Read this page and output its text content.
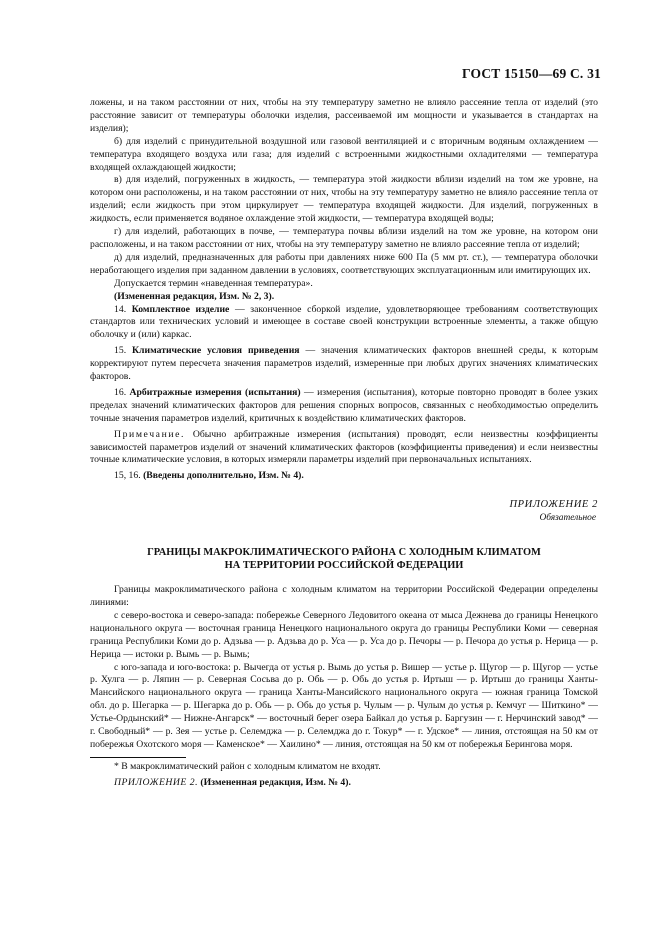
ГОСТ 15150—69 С. 31

ложены, и на таком расстоянии от них, чтобы на эту температуру заметно не влияло рассеяние тепла от изделий (это расстояние зависит от температуры оболочки изделия, рассеиваемой им мощности и указывается в стандартах на изделия);

б) для изделий с принудительной воздушной или газовой вентиляцией и с вторичным водяным охлаждением — температура входящего воздуха или газа; для изделий с встроенными жидкостными охладителями — температура входящей охлаждающей жидкости;

в) для изделий, погруженных в жидкость, — температура этой жидкости вблизи изделий на том же уровне, на котором они расположены, и на таком расстоянии от них, чтобы на эту температуру заметно не влияло рассеяние тепла от изделий; если жидкость при этом циркулирует — температура входящей жидкости. Для изделий, погруженных в жидкость, если применяется водяное охлаждение этой жидкости, — температура входящей воды;

г) для изделий, работающих в почве, — температура почвы вблизи изделий на том же уровне, на котором они расположены, и на таком расстоянии от них, чтобы на эту температуру заметно не влияло рассеяние тепла от изделий;

д) для изделий, предназначенных для работы при давлениях ниже 600 Па (5 мм рт. ст.), — температура оболочки неработающего изделия при заданном давлении в условиях, соответствующих эксплуатационным или имитирующих их.

Допускается термин «наведенная температура».

(Измененная редакция, Изм. № 2, 3).

14. Комплектное изделие — законченное сборкой изделие, удовлетворяющее требованиям соответствующих стандартов или технических условий и имеющее в составе своей конструкции встроенные элементы, а также общую оболочку и (или) каркас.

15. Климатические условия приведения — значения климатических факторов внешней среды, к которым корректируют путем пересчета значения параметров изделий, измеренные при любых других значениях климатических факторов.

16. Арбитражные измерения (испытания) — измерения (испытания), которые повторно проводят в более узких пределах значений климатических факторов для решения спорных вопросов, связанных с необходимостью определить точные значения параметров изделий, критичных к воздействию климатических факторов.

Примечание. Обычно арбитражные измерения (испытания) проводят, если неизвестны коэффициенты зависимостей параметров изделий от значений климатических факторов (коэффициенты приведения) и если неизвестны точные климатические условия, в которых измеряли параметры изделий при первоначальных испытаниях.

15, 16. (Введены дополнительно, Изм. № 4).

ПРИЛОЖЕНИЕ 2
Обязательное
ГРАНИЦЫ МАКРОКЛИМАТИЧЕСКОГО РАЙОНА С ХОЛОДНЫМ КЛИМАТОМ
НА ТЕРРИТОРИИ РОССИЙСКОЙ ФЕДЕРАЦИИ

Границы макроклиматического района с холодным климатом на территории Российской Федерации определены линиями:

с северо-востока и северо-запада: побережье Северного Ледовитого океана от мыса Дежнева до границы Ненецкого национального округа — восточная граница Ненецкого национального округа до границы Республики Коми — северная граница Республики Коми до р. Адзьва — р. Адзьва до р. Уса — р. Уса до р. Печоры — р. Печора до устья р. Нерица — р. Нерица — истоки р. Вымь — р. Вымь;

с юго-запада и юго-востока: р. Вычегда от устья р. Вымь до устья р. Вишер — устье р. Щугор — р. Щугор — устье р. Хулга — р. Ляпин — р. Северная Сосьва до р. Обь — р. Обь до устья р. Иртыш — р. Иртыш до границы Ханты-Мансийского национального округа — граница Ханты-Мансийского национального округа — южная граница Томской обл. до р. Шегарка — р. Шегарка до р. Обь — р. Обь до устья р. Чулым — р. Чулым до устья р. Кемчуг — Шиткино* — Устье-Ордынский* — Нижне-Ангарск* — восточный берег озера Байкал до устья р. Баргузин — г. Нерчинский завод* — г. Свободный* — р. Зея — устье р. Селемджа — р. Селемджа до г. Токур* — г. Удское* — линия, отстоящая на 50 км от побережья Охотского моря — Каменское* — Хаилино* — линия, отстоящая на 50 км от побережья Берингова моря.

* В макроклиматический район с холодным климатом не входят.

ПРИЛОЖЕНИЕ 2. (Измененная редакция, Изм. № 4).
